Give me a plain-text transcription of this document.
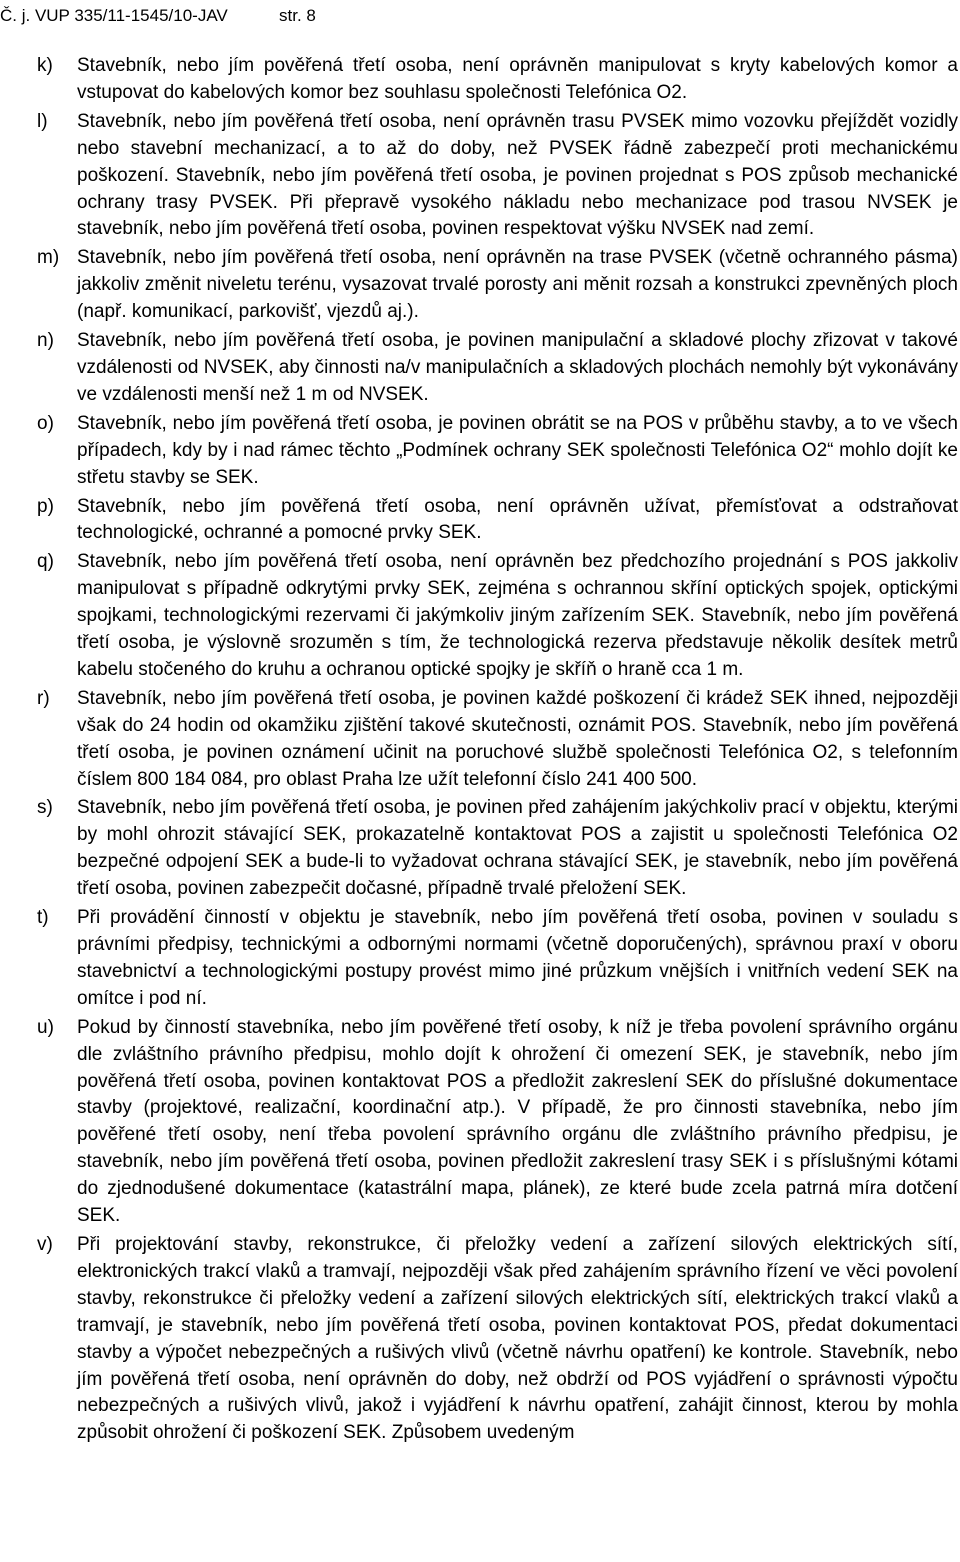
Č. j. VUP 335/11-1545/10-JAV	str. 8
k) Stavebník, nebo jím pověřená třetí osoba, není oprávněn manipulovat s kryty kabelových komor a vstupovat do kabelových komor bez souhlasu společnosti Telefónica O2.
l) Stavebník, nebo jím pověřená třetí osoba, není oprávněn trasu PVSEK mimo vozovku přejíždět vozidly nebo stavební mechanizací, a to až do doby, než PVSEK řádně zabezpečí proti mechanickému poškození. Stavebník, nebo jím pověřená třetí osoba, je povinen projednat s POS způsob mechanické ochrany trasy PVSEK. Při přepravě vysokého nákladu nebo mechanizace pod trasou NVSEK je stavebník, nebo jím pověřená třetí osoba, povinen respektovat výšku NVSEK nad zemí.
m) Stavebník, nebo jím pověřená třetí osoba, není oprávněn na trase PVSEK (včetně ochranného pásma) jakkoliv změnit niveletu terénu, vysazovat trvalé porosty ani měnit rozsah a konstrukci zpevněných ploch (např. komunikací, parkovišť, vjezdů aj.).
n) Stavebník, nebo jím pověřená třetí osoba, je povinen manipulační a skladové plochy zřizovat v takové vzdálenosti od NVSEK, aby činnosti na/v manipulačních a skladových plochách nemohly být vykonávány ve vzdálenosti menší než 1 m od NVSEK.
o) Stavebník, nebo jím pověřená třetí osoba, je povinen obrátit se na POS v průběhu stavby, a to ve všech případech, kdy by i nad rámec těchto „Podmínek ochrany SEK společnosti Telefónica O2“ mohlo dojít ke střetu stavby se SEK.
p) Stavebník, nebo jím pověřená třetí osoba, není oprávněn užívat, přemísťovat a odstraňovat technologické, ochranné a pomocné prvky SEK.
q) Stavebník, nebo jím pověřená třetí osoba, není oprávněn bez předchozího projednání s POS jakkoliv manipulovat s případně odkrytými prvky SEK, zejména s ochrannou skříní optických spojek, optickými spojkami, technologickými rezervami či jakýmkoliv jiným zařízením SEK. Stavebník, nebo jím pověřená třetí osoba, je výslovně srozuměn s tím, že technologická rezerva představuje několik desítek metrů kabelu stočeného do kruhu a ochranou optické spojky je skříň o hraně cca 1 m.
r) Stavebník, nebo jím pověřená třetí osoba, je povinen každé poškození či krádež SEK ihned, nejpozději však do 24 hodin od okamžiku zjištění takové skutečnosti, oznámit POS. Stavebník, nebo jím pověřená třetí osoba, je povinen oznámení učinit na poruchové službě společnosti Telefónica O2, s telefonním číslem 800 184 084, pro oblast Praha lze užít telefonní číslo 241 400 500.
s) Stavebník, nebo jím pověřená třetí osoba, je povinen před zahájením jakýchkoliv prací v objektu, kterými by mohl ohrozit stávající SEK, prokazatelně kontaktovat POS a zajistit u společnosti Telefónica O2 bezpečné odpojení SEK a bude-li to vyžadovat ochrana stávající SEK, je stavebník, nebo jím pověřená třetí osoba, povinen zabezpečit dočasné, případně trvalé přeložení SEK.
t) Při provádění činností v objektu je stavebník, nebo jím pověřená třetí osoba, povinen v souladu s právními předpisy, technickými a odbornými normami (včetně doporučených), správnou praxí v oboru stavebnictví a technologickými postupy provést mimo jiné průzkum vnějších i vnitřních vedení SEK na omítce i pod ní.
u) Pokud by činností stavebníka, nebo jím pověřené třetí osoby, k níž je třeba povolení správního orgánu dle zvláštního právního předpisu, mohlo dojít k ohrožení či omezení SEK, je stavebník, nebo jím pověřená třetí osoba, povinen kontaktovat POS a předložit zakreslení SEK do příslušné dokumentace stavby (projektové, realizační, koordinační atp.). V případě, že pro činnosti stavebníka, nebo jím pověřené třetí osoby, není třeba povolení správního orgánu dle zvláštního právního předpisu, je stavebník, nebo jím pověřená třetí osoba, povinen předložit zakreslení trasy SEK i s příslušnými kótami do zjednodušené dokumentace (katastrální mapa, plánek), ze které bude zcela patrná míra dotčení SEK.
v) Při projektování stavby, rekonstrukce, či přeložky vedení a zařízení silových elektrických sítí, elektronických trakcí vlaků a tramvají, nejpozději však před zahájením správního řízení ve věci povolení stavby, rekonstrukce či přeložky vedení a zařízení silových elektrických sítí, elektrických trakcí vlaků a tramvají, je stavebník, nebo jím pověřená třetí osoba, povinen kontaktovat POS, předat dokumentaci stavby a výpočet nebezpečných a rušivých vlivů (včetně návrhu opatření) ke kontrole. Stavebník, nebo jím pověřená třetí osoba, není oprávněn do doby, než obdrží od POS vyjádření o správnosti výpočtu nebezpečných a rušivých vlivů, jakož i vyjádření k návrhu opatření, zahájit činnost, kterou by mohla způsobit ohrožení či poškození SEK. Způsobem uvedeným
